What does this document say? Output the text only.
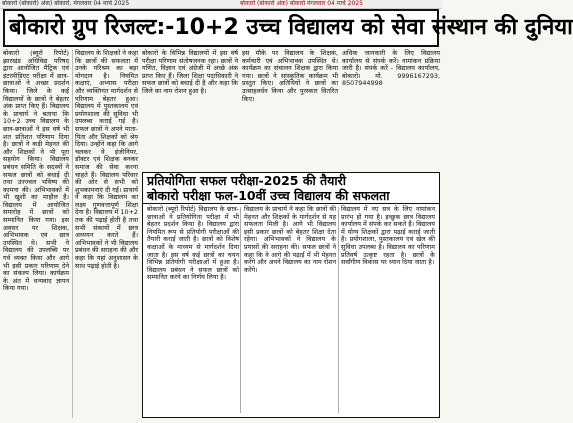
बोकारो (बोकारो) अंक) बोकारो, मंगलवार 04 मार्च 2025	बोकारो (बोकारो अंक) बोकारो मंगलवार 04 मार्च 2025
बोकारो ग्रुप रिजल्ट:-10+2 उच्च विद्यालय को सेवा संस्थान की दुनिया
बोकारो (ब्यूरो रिपोर्ट) झारखंड अधिविद्य परिषद द्वारा आयोजित मैट्रिक एवं इंटरमीडिएट परीक्षा में छात्र-छात्राओं ने अच्छा प्रदर्शन किया। जिले के कई विद्यालयों के छात्रों ने बेहतर अंक प्राप्त किए हैं। विद्यालय के प्राचार्य ने बताया कि 10+2 उच्च विद्यालय के छात्र-छात्राओं ने इस वर्ष भी शत प्रतिशत परिणाम दिया है। छात्रों ने कड़ी मेहनत की और शिक्षकों ने भी पूरा सहयोग किया। विद्यालय प्रबंधन समिति के सदस्यों ने सफल छात्रों को बधाई दी तथा उज्ज्वल भविष्य की कामना की। अभिभावकों में भी खुशी का माहौल है। विद्यालय में आयोजित समारोह में छात्रों को सम्मानित किया गया। इस अवसर पर शिक्षक, अभिभावक एवं छात्र उपस्थित थे। सभी ने विद्यालय की उपलब्धि पर गर्व व्यक्त किया और आगे भी इसी प्रकार परिणाम देने का संकल्प लिया। कार्यक्रम के अंत में धन्यवाद ज्ञापन किया गया।
विद्यालय के शिक्षकों ने कहा कि छात्रों की सफलता में उनके परिश्रम का बड़ा योगदान है। नियमित कक्षाएं, अभ्यास परीक्षा और व्यक्तिगत मार्गदर्शन से परिणाम बेहतर हुआ। विद्यालय में पुस्तकालय एवं प्रयोगशाला की सुविधा भी उपलब्ध कराई गई है। सफल छात्रों ने अपने माता-पिता और शिक्षकों को श्रेय दिया। उन्होंने कहा कि आगे चलकर वे इंजीनियर, डॉक्टर एवं शिक्षक बनकर समाज की सेवा करना चाहते हैं। विद्यालय परिवार की ओर से सभी को शुभकामनाएं दी गईं। प्राचार्य ने कहा कि विद्यालय का लक्ष्य गुणवत्तापूर्ण शिक्षा देना है। विद्यालय में 10+2 तक की पढ़ाई होती है तथा सभी संकायों में छात्र अध्ययन करते हैं। अभिभावकों ने भी विद्यालय प्रबंधन की सराहना की और कहा कि यहां अनुशासन के साथ पढ़ाई होती है।
बोकारो के विभिन्न विद्यालयों में इस वर्ष परीक्षा परिणाम संतोषजनक रहा। छात्रों ने गणित, विज्ञान एवं अंग्रेजी में अच्छे अंक प्राप्त किए हैं। जिला शिक्षा पदाधिकारी ने सफल छात्रों को बधाई दी है और कहा कि जिले का नाम रोशन हुआ है।
इस मौके पर विद्यालय के शिक्षक, कर्मचारी एवं अभिभावक उपस्थित थे। कार्यक्रम का संचालन शिक्षक द्वारा किया गया। छात्रों ने सांस्कृतिक कार्यक्रम भी प्रस्तुत किए। अतिथियों ने छात्रों का उत्साहवर्धन किया और पुरस्कार वितरित किए।
अधिक जानकारी के लिए विद्यालय कार्यालय से संपर्क करें। नामांकन प्रक्रिया जारी है। संपर्क करें - विद्यालय कार्यालय, बोकारो। मो. 9996167293, 8507944998
प्रतियोगिता सफल परीक्षा-2025 की तैयारी
बोकारो परीक्षा फल-10वीं उच्च विद्यालय की सफलता
बोकारो (ब्यूरो रिपोर्ट) विद्यालय के छात्र-छात्राओं ने प्रतियोगिता परीक्षा में भी बेहतर प्रदर्शन किया है। विद्यालय द्वारा नियमित रूप से प्रतियोगी परीक्षाओं की तैयारी कराई जाती है। छात्रों को विशेष कक्षाओं के माध्यम से मार्गदर्शन दिया जाता है। इस वर्ष कई छात्रों का चयन विभिन्न प्रतियोगी परीक्षाओं में हुआ है। विद्यालय प्रबंधन ने सफल छात्रों को सम्मानित करने का निर्णय लिया है।
विद्यालय के प्राचार्य ने कहा कि छात्रों की मेहनत और शिक्षकों के मार्गदर्शन से यह सफलता मिली है। आगे भी विद्यालय इसी प्रकार छात्रों को बेहतर शिक्षा देता रहेगा। अभिभावकों ने विद्यालय के प्रयासों की सराहना की। सफल छात्रों ने कहा कि वे आगे की पढ़ाई में भी मेहनत करेंगे और अपने विद्यालय का नाम रोशन करेंगे।
विद्यालय में नए सत्र के लिए नामांकन प्रारंभ हो गया है। इच्छुक छात्र विद्यालय कार्यालय में संपर्क कर सकते हैं। विद्यालय में योग्य शिक्षकों द्वारा पढ़ाई कराई जाती है। प्रयोगशाला, पुस्तकालय एवं खेल की सुविधा उपलब्ध है। विद्यालय का परिणाम प्रतिवर्ष उत्कृष्ट रहता है। छात्रों के सर्वांगीण विकास पर ध्यान दिया जाता है।
